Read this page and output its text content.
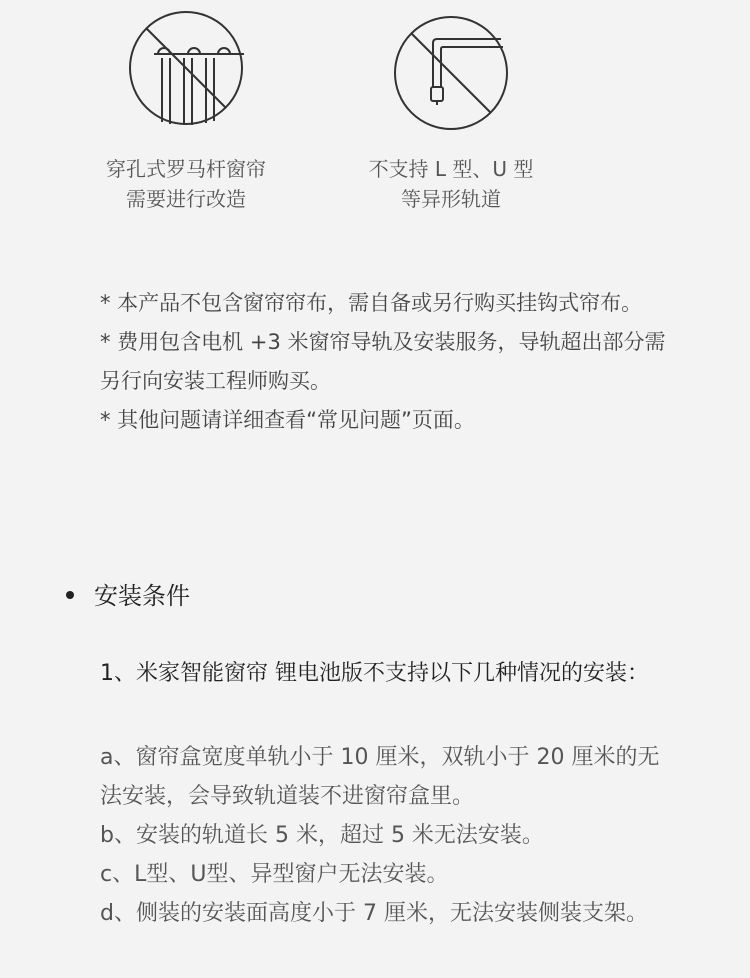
穿孔式罗马杆窗帘
需要进行改造
不支持 L 型、U 型
等异形轨道

* 本产品不包含窗帘帘布，需自备或另行购买挂钩式帘布。

* 费用包含电机 +3 米窗帘导轨及安装服务，导轨超出部分需另行向安装工程师购买。

* 其他问题请详细查看“常见问题”页面。

安装条件

1、米家智能窗帘 锂电池版不支持以下几种情况的安装：

a、窗帘盒宽度单轨小于 10 厘米，双轨小于 20 厘米的无法安装，会导致轨道装不进窗帘盒里。

b、安装的轨道长 5 米，超过 5 米无法安装。

c、L型、U型、异型窗户无法安装。

d、侧装的安装面高度小于 7 厘米，无法安装侧装支架。
